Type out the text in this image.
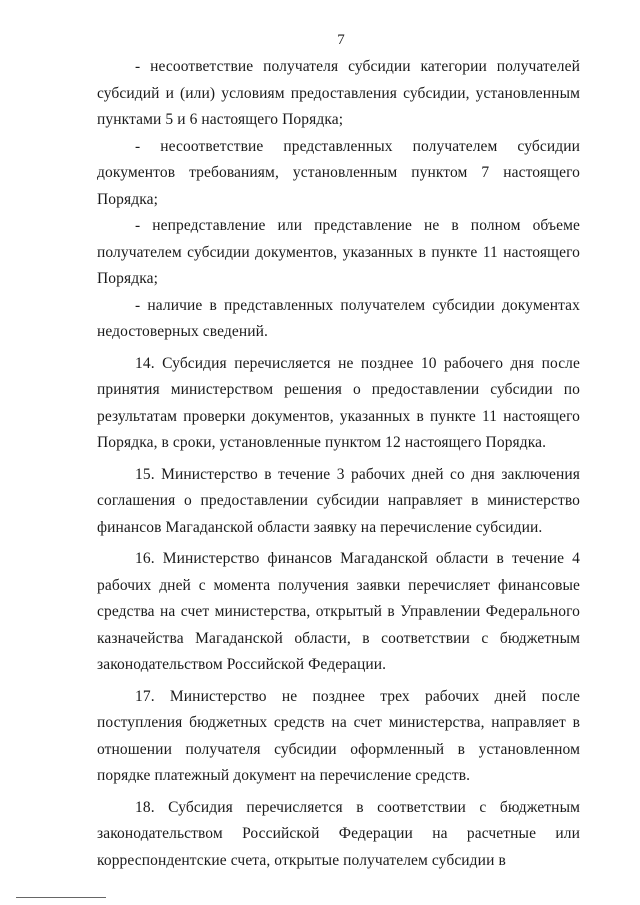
7

- несоответствие получателя субсидии категории получателей субсидий и (или) условиям предоставления субсидии, установленным пунктами 5 и 6 настоящего Порядка;

- несоответствие представленных получателем субсидии документов требованиям, установленным пунктом 7 настоящего Порядка;

- непредставление или представление не в полном объеме получателем субсидии документов, указанных в пункте 11 настоящего Порядка;

- наличие в представленных получателем субсидии документах недостоверных сведений.

14. Субсидия перечисляется не позднее 10 рабочего дня после принятия министерством решения о предоставлении субсидии по результатам проверки документов, указанных в пункте 11 настоящего Порядка, в сроки, установленные пунктом 12 настоящего Порядка.

15. Министерство в течение 3 рабочих дней со дня заключения соглашения о предоставлении субсидии направляет в министерство финансов Магаданской области заявку на перечисление субсидии.

16. Министерство финансов Магаданской области в течение 4 рабочих дней с момента получения заявки перечисляет финансовые средства на счет министерства, открытый в Управлении Федерального казначейства Магаданской области, в соответствии с бюджетным законодательством Российской Федерации.

17. Министерство не позднее трех рабочих дней после поступления бюджетных средств на счет министерства, направляет в отношении получателя субсидии оформленный в установленном порядке платежный документ на перечисление средств.

18. Субсидия перечисляется в соответствии с бюджетным законодательством Российской Федерации на расчетные или корреспондентские счета, открытые получателем субсидии в
